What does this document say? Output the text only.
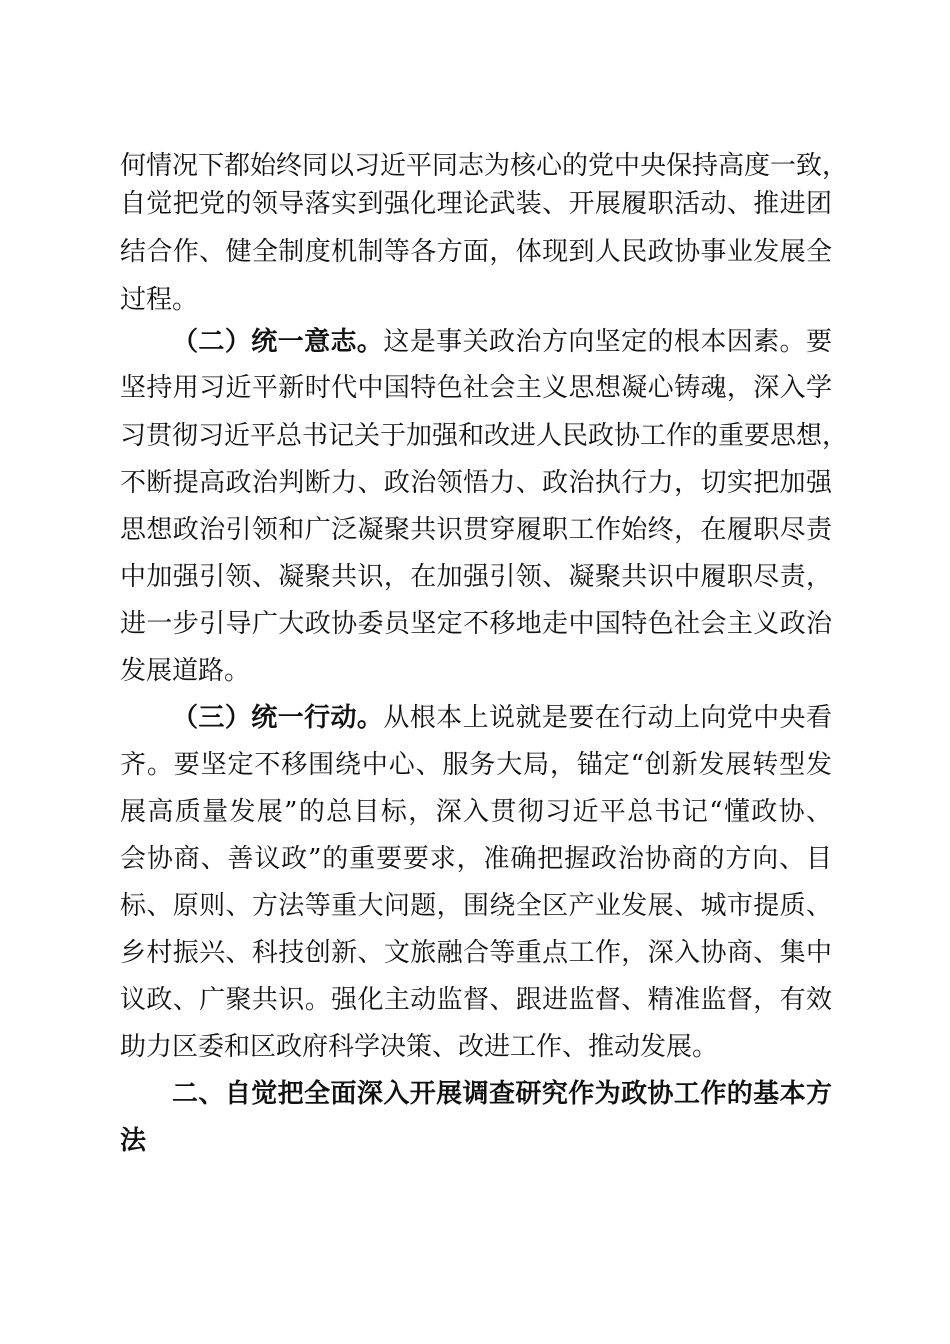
何情况下都始终同以习近平同志为核心的党中央保持高度一致，
自觉把党的领导落实到强化理论武装、开展履职活动、推进团
结合作、健全制度机制等各方面，体现到人民政协事业发展全
过程。
（二）统一意志。这是事关政治方向坚定的根本因素。要
坚持用习近平新时代中国特色社会主义思想凝心铸魂，深入学
习贯彻习近平总书记关于加强和改进人民政协工作的重要思想，
不断提高政治判断力、政治领悟力、政治执行力，切实把加强
思想政治引领和广泛凝聚共识贯穿履职工作始终，在履职尽责
中加强引领、凝聚共识，在加强引领、凝聚共识中履职尽责，
进一步引导广大政协委员坚定不移地走中国特色社会主义政治
发展道路。
（三）统一行动。从根本上说就是要在行动上向党中央看
齐。要坚定不移围绕中心、服务大局，锚定“创新发展转型发
展高质量发展”的总目标，深入贯彻习近平总书记“懂政协、
会协商、善议政”的重要要求，准确把握政治协商的方向、目
标、原则、方法等重大问题，围绕全区产业发展、城市提质、
乡村振兴、科技创新、文旅融合等重点工作，深入协商、集中
议政、广聚共识。强化主动监督、跟进监督、精准监督，有效
助力区委和区政府科学决策、改进工作、推动发展。
二、自觉把全面深入开展调查研究作为政协工作的基本方
法
